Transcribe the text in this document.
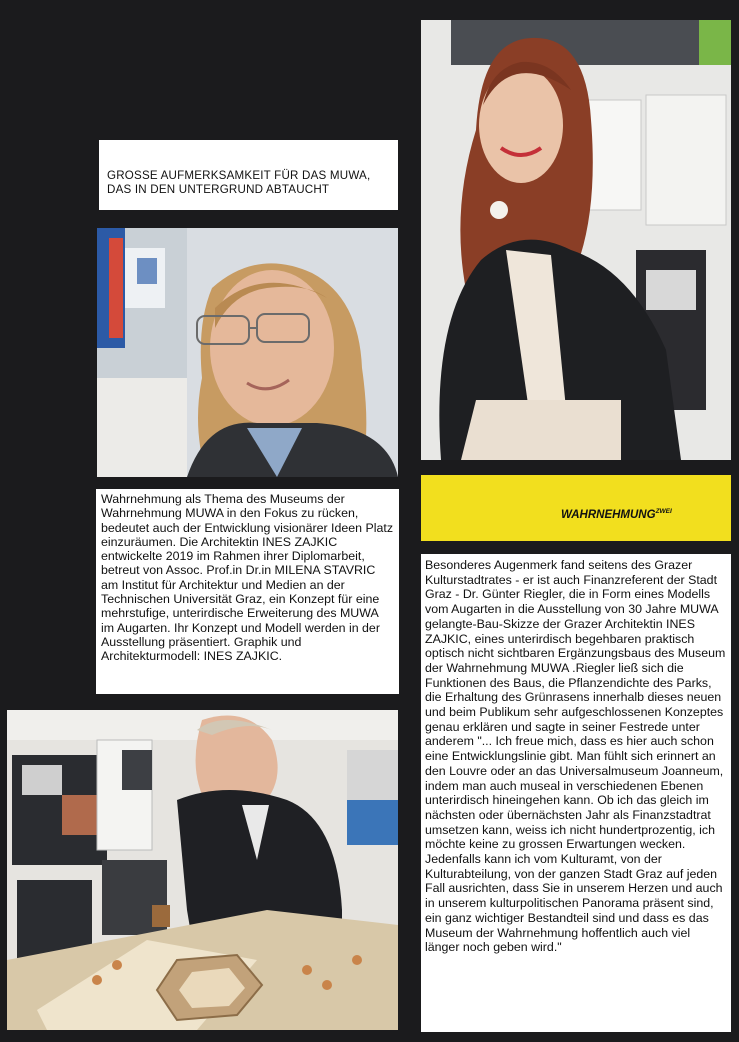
GROSSE AUFMERKSAMKEIT FÜR DAS MUWA,
DAS IN DEN UNTERGRUND ABTAUCHT
Wahrnehmung als Thema des Museums der Wahrnehmung MUWA in den Fokus zu rücken, bedeutet auch der Entwicklung visionärer Ideen Platz einzuräumen. Die Architektin INES ZAJKIC entwickelte 2019 im Rahmen ihrer Diplomarbeit, betreut von Assoc. Prof.in Dr.in MILENA STAVRIC am Institut für Architektur und Medien an der Technischen Universität Graz, ein Konzept für eine mehrstufige, unterirdische Erweiterung des MUWA im Augarten. Ihr Konzept und Modell werden in der Ausstellung präsentiert. Graphik und Architekturmodell: INES ZAJKIC.
$WAHRNEHMUNG^{ZWEI}$
Besonderes Augenmerk fand seitens des Grazer Kulturstadtrates - er ist auch Finanzreferent der Stadt Graz - Dr. Günter Riegler, die in Form eines Modells vom Augarten in die Ausstellung von 30 Jahre MUWA gelangte-Bau-Skizze der Grazer Architektin INES ZAJKIC, eines unterirdisch begehbaren praktisch optisch nicht sichtbaren Ergänzungsbaus des Museum der Wahrnehmung MUWA .Riegler ließ sich die Funktionen des Baus, die Pflanzendichte des Parks, die Erhaltung des Grünrasens innerhalb dieses neuen und beim Publikum sehr aufgeschlossenen Konzeptes genau erklären und sagte in seiner Festrede unter anderem "... Ich freue mich, dass es hier auch schon eine Entwicklungslinie gibt. Man fühlt sich erinnert an den Louvre oder an das Universalmuseum Joanneum, indem man auch museal in verschiedenen Ebenen unterirdisch hineingehen kann. Ob ich das gleich im nächsten oder übernächsten Jahr als Finanzstadtrat umsetzen kann, weiss ich nicht hundertprozentig, ich möchte keine zu grossen Erwartungen wecken. Jedenfalls kann ich vom Kulturamt, von der Kulturabteilung, von der ganzen Stadt Graz auf jeden Fall ausrichten, dass Sie in unserem Herzen und auch in unserem kulturpolitischen Panorama präsent sind, ein ganz wichtiger Bestandteil sind und dass es das Museum der Wahrnehmung hoffentlich auch viel länger noch geben wird."
